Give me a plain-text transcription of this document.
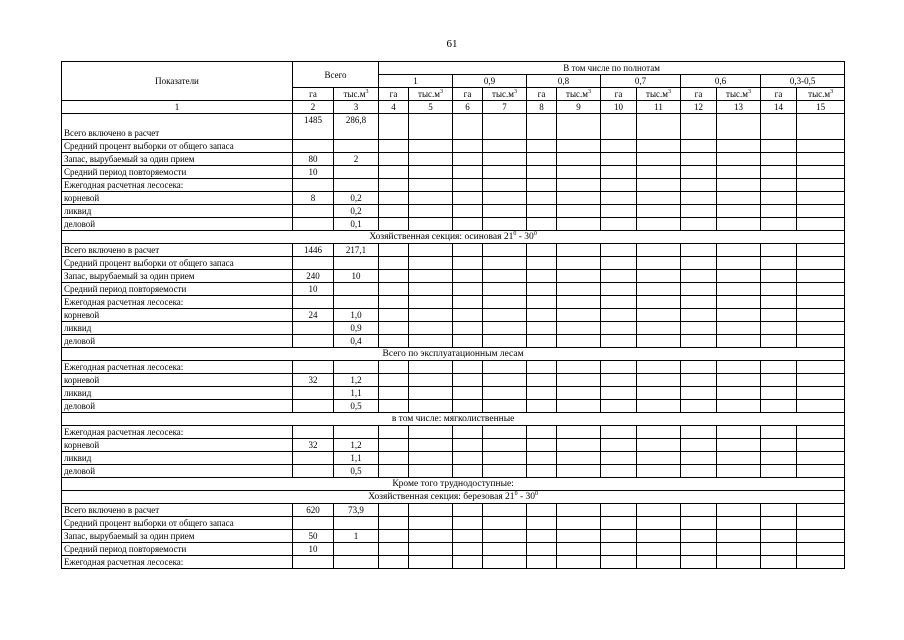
61
Показатели	Всего		В том числе по полнотам											
			1		0,9		0,8		0,7		0,6		0,3-0,5	
	га	$тыс.м^3$	га	$тыс.м^3$	га	$тыс.м^3$	га	$тыс.м^3$	га	$тыс.м^3$	га	$тыс.м^3$	га	$тыс.м^3$
1	2	3	4	5	6	7	8	9	10	11	12	13	14	15
Всего включено в расчет	1485	286,8												
Средний процент выборки от общего запаса														
Запас, вырубаемый за один прием	80	2												
Средний период повторяемости	10													
Ежегодная расчетная лесосека:														
корневой	8	0,2												
ликвид		0,2												
деловой		0,1												
Хозяйственная секция: осиновая $21^0 - 30^0$
Всего включено в расчет	1446	217,1												
Средний процент выборки от общего запаса														
Запас, вырубаемый за один прием	240	10												
Средний период повторяемости	10													
Ежегодная расчетная лесосека:														
корневой	24	1,0												
ликвид		0,9												
деловой		0,4												
Всего по эксплуатационным лесам														
Ежегодная расчетная лесосека:														
корневой	32	1,2												
ликвид		1,1												
деловой		0,5												
в том числе: мягколиственные														
Ежегодная расчетная лесосека:														
корневой	32	1,2												
ликвид		1,1												
деловой		0,5												
Кроме того труднодоступные:														
Хозяйственная секция: березовая $21^0 - 30^0$
Всего включено в расчет	620	73,9												
Средний процент выборки от общего запаса														
Запас, вырубаемый за один прием	50	1												
Средний период повторяемости	10													
Ежегодная расчетная лесосека:														
